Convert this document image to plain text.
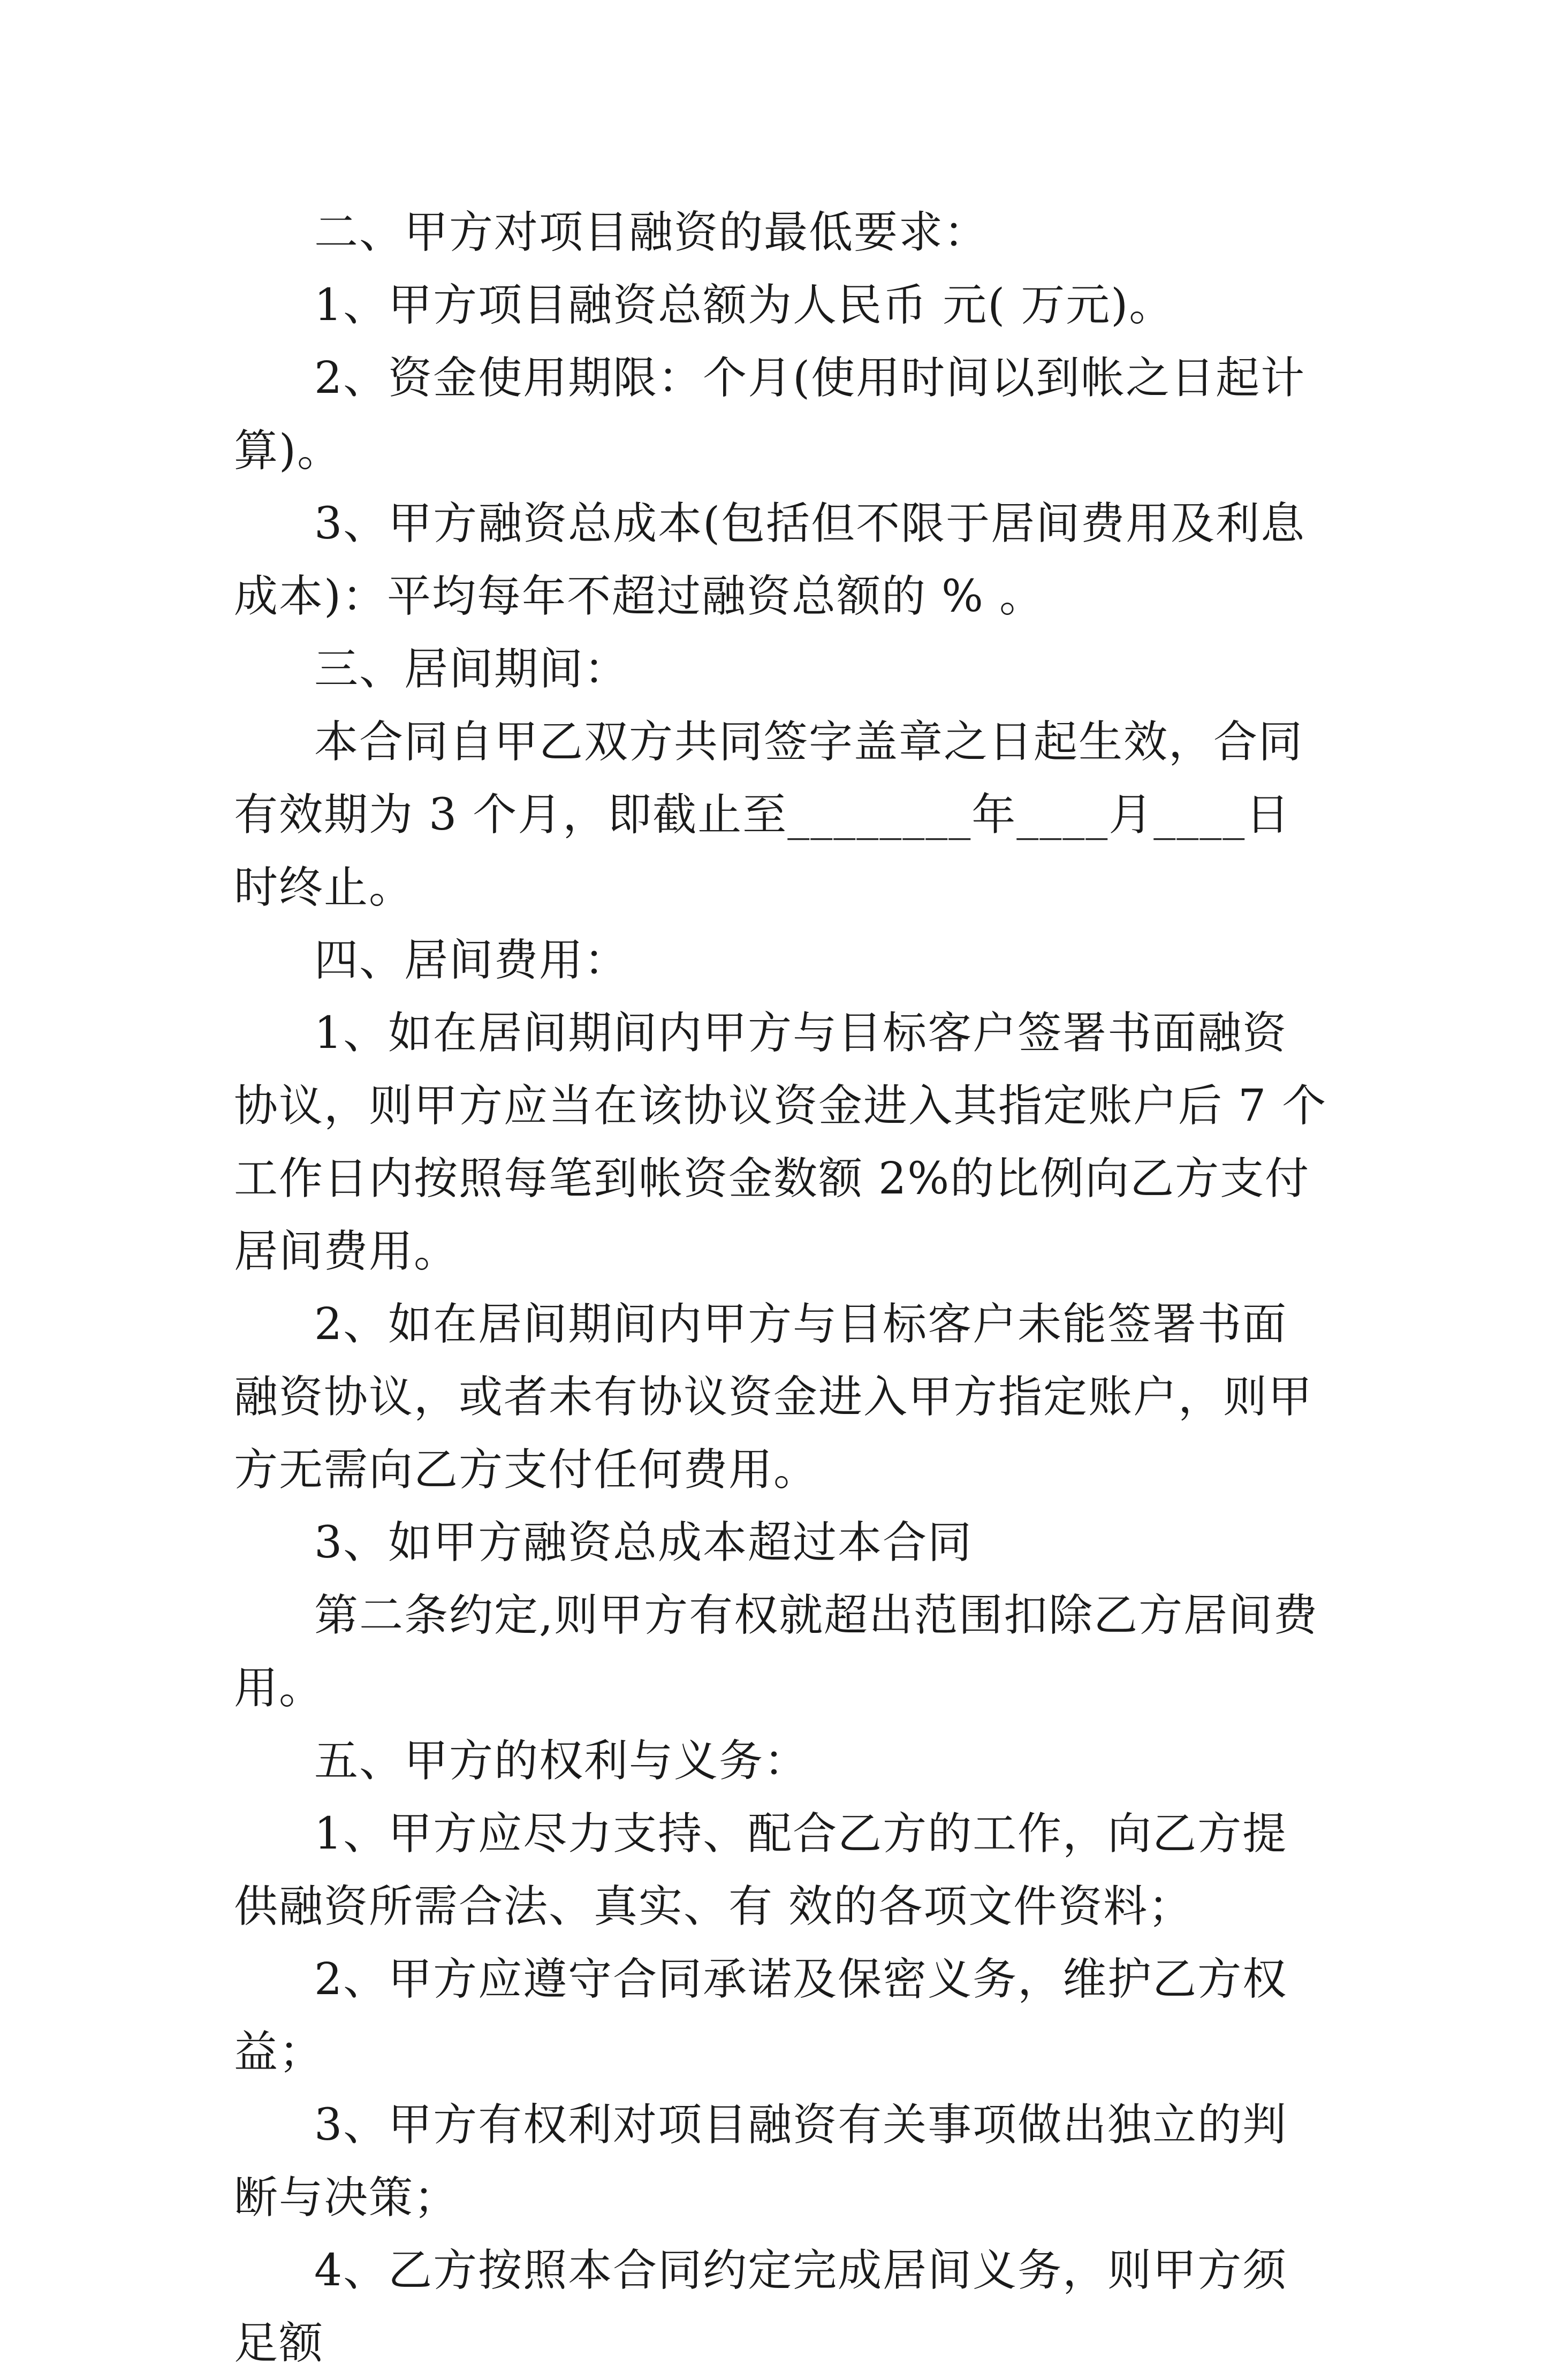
二、甲方对项目融资的最低要求：

1、甲方项目融资总额为人民币 元( 万元)。

2、资金使用期限：个月(使用时间以到帐之日起计算)。

3、甲方融资总成本(包括但不限于居间费用及利息成本)：平均每年不超过融资总额的 % 。

三、居间期间：

本合同自甲乙双方共同签字盖章之日起生效，合同有效期为 3 个月，即截止至________年____月____日时终止。

四、居间费用：

1、如在居间期间内甲方与目标客户签署书面融资协议，则甲方应当在该协议资金进入其指定账户后 7 个工作日内按照每笔到帐资金数额 2%的比例向乙方支付居间费用。

2、如在居间期间内甲方与目标客户未能签署书面融资协议，或者未有协议资金进入甲方指定账户，则甲方无需向乙方支付任何费用。

3、如甲方融资总成本超过本合同

第二条约定,则甲方有权就超出范围扣除乙方居间费用。

五、甲方的权利与义务：

1、甲方应尽力支持、配合乙方的工作，向乙方提供融资所需合法、真实、有 效的各项文件资料；

2、甲方应遵守合同承诺及保密义务，维护乙方权益；

3、甲方有权利对项目融资有关事项做出独立的判断与决策；

4、乙方按照本合同约定完成居间义务，则甲方须足额
